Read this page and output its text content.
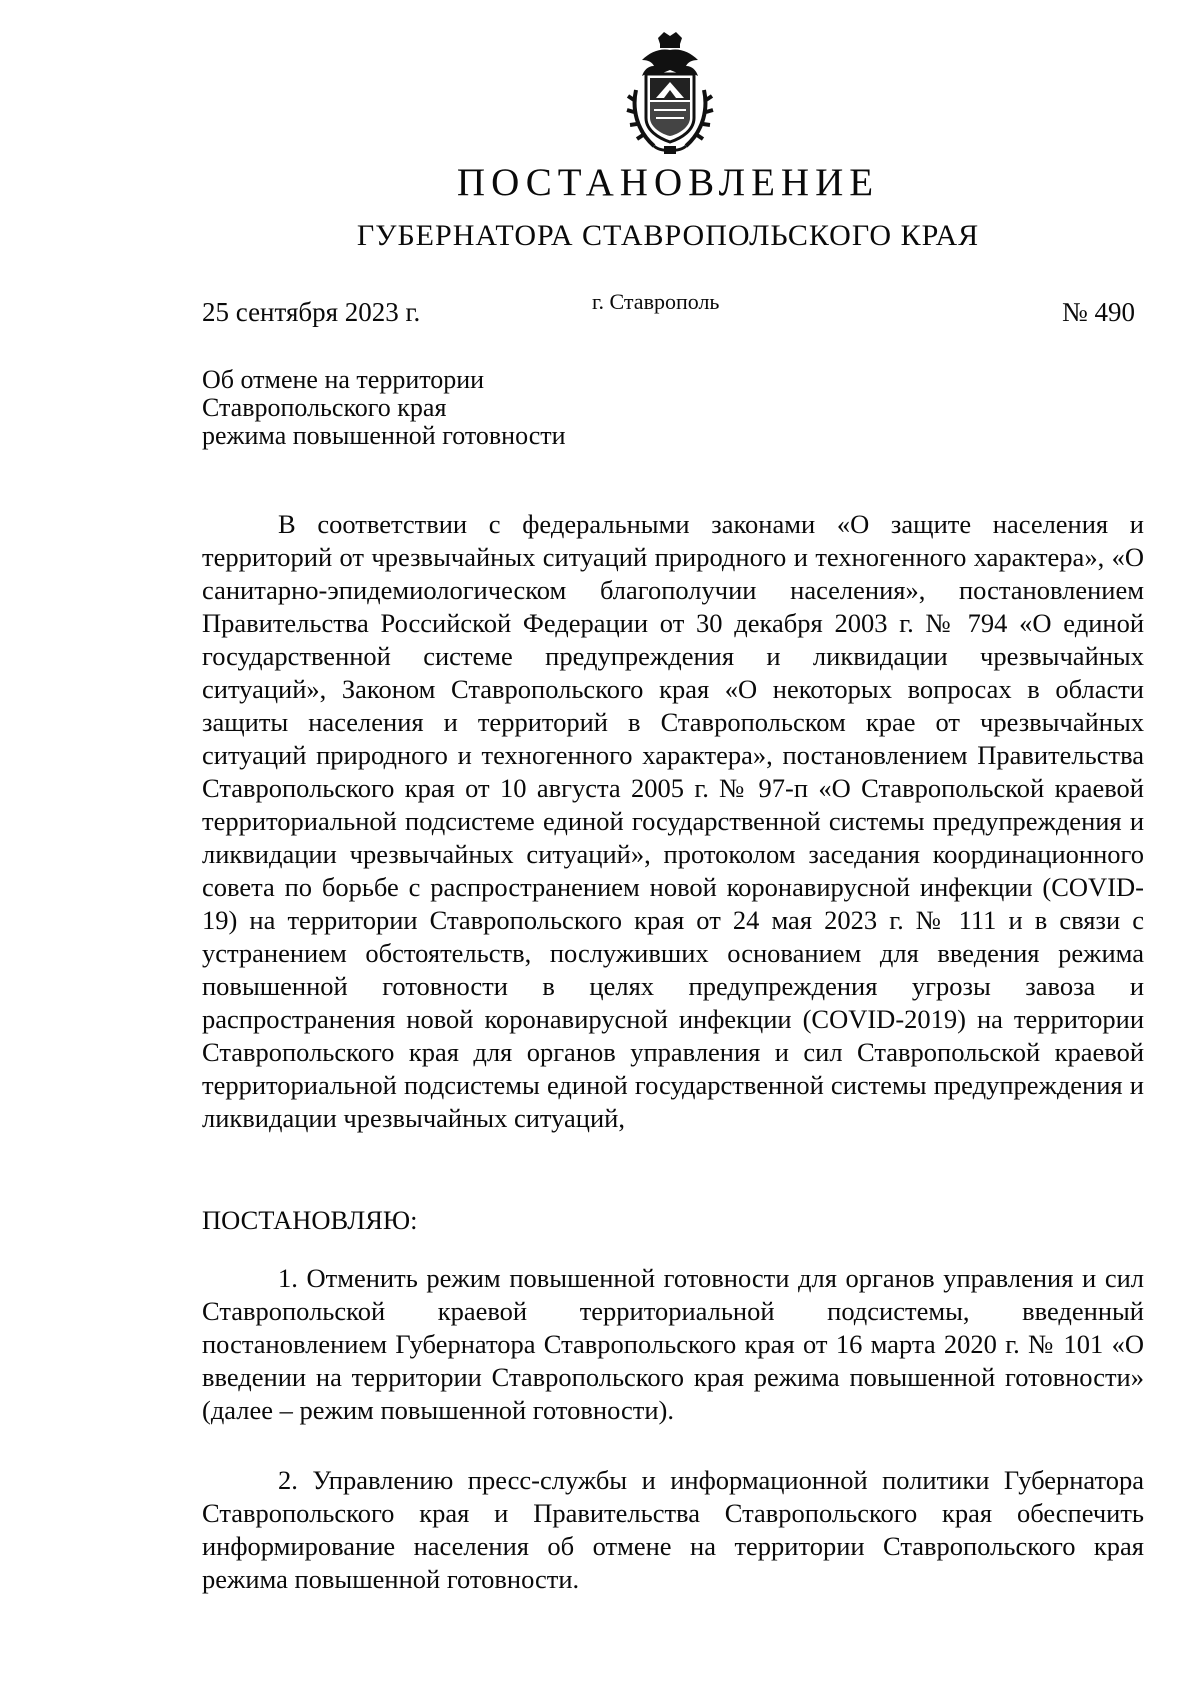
ПОСТАНОВЛЕНИЕ
ГУБЕРНАТОРА СТАВРОПОЛЬСКОГО КРАЯ
25 сентября 2023 г.	г. Ставрополь	№ 490
Об отмене на территории
Ставропольского края
режима повышенной готовности

В соответствии с федеральными законами «О защите населения и территорий от чрезвычайных ситуаций природного и техногенного характера», «О санитарно-эпидемиологическом благополучии населения», постановлением Правительства Российской Федерации от 30 декабря 2003 г. № 794 «О единой государственной системе предупреждения и ликвидации чрезвычайных ситуаций», Законом Ставропольского края «О некоторых вопросах в области защиты населения и территорий в Ставропольском крае от чрезвычайных ситуаций природного и техногенного характера», постановлением Правительства Ставропольского края от 10 августа 2005 г. № 97-п «О Ставропольской краевой территориальной подсистеме единой государственной системы предупреждения и ликвидации чрезвычайных ситуаций», протоколом заседания координационного совета по борьбе с распространением новой коронавирусной инфекции (COVID-19) на территории Ставропольского края от 24 мая 2023 г. № 111 и в связи с устранением обстоятельств, послуживших основанием для введения режима повышенной готовности в целях предупреждения угрозы завоза и распространения новой коронавирусной инфекции (COVID-2019) на территории Ставропольского края для органов управления и сил Ставропольской краевой территориальной подсистемы единой государственной системы предупреждения и ликвидации чрезвычайных ситуаций,

ПОСТАНОВЛЯЮ:

1. Отменить режим повышенной готовности для органов управления и сил Ставропольской краевой территориальной подсистемы, введенный постановлением Губернатора Ставропольского края от 16 марта 2020 г. № 101 «О введении на территории Ставропольского края режима повышенной готовности» (далее – режим повышенной готовности).

2. Управлению пресс-службы и информационной политики Губернатора Ставропольского края и Правительства Ставропольского края обеспечить информирование населения об отмене на территории Ставропольского края режима повышенной готовности.
